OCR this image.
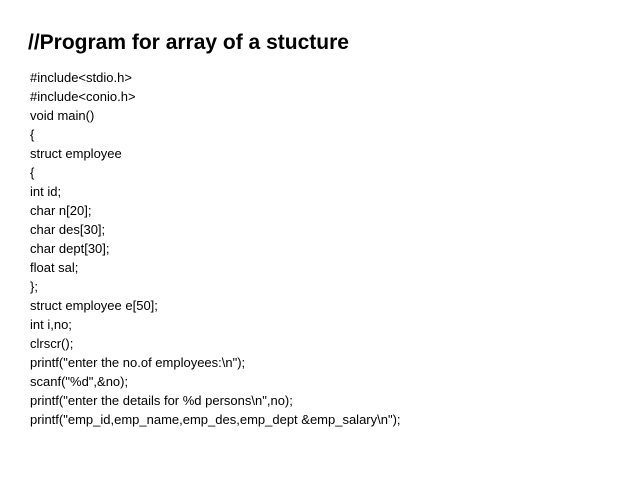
//Program for array of a stucture
#include<stdio.h>
#include<conio.h>
void main()
{
struct employee
{
int id;
char n[20];
char des[30];
char dept[30];
float sal;
};
struct employee e[50];
int i,no;
clrscr();
printf("enter the no.of employees:\n");
scanf("%d",&no);
printf("enter the details for %d persons\n",no);
printf("emp_id,emp_name,emp_des,emp_dept &emp_salary\n");
